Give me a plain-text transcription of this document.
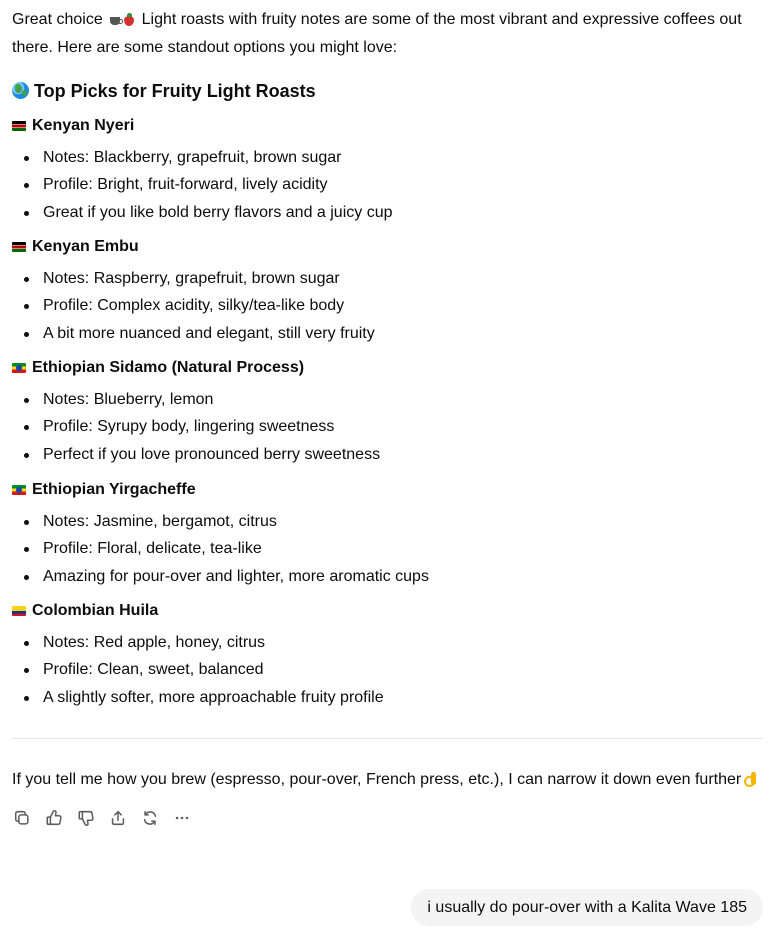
Great choice Light roasts with fruity notes are some of the most vibrant and expressive coffees out there. Here are some standout options you might love:

Top Picks for Fruity Light Roasts
Kenyan Nyeri
Notes: Blackberry, grapefruit, brown sugar
Profile: Bright, fruit-forward, lively acidity
Great if you like bold berry flavors and a juicy cup
Kenyan Embu
Notes: Raspberry, grapefruit, brown sugar
Profile: Complex acidity, silky/tea-like body
A bit more nuanced and elegant, still very fruity
Ethiopian Sidamo (Natural Process)
Notes: Blueberry, lemon
Profile: Syrupy body, lingering sweetness
Perfect if you love pronounced berry sweetness
Ethiopian Yirgacheffe
Notes: Jasmine, bergamot, citrus
Profile: Floral, delicate, tea-like
Amazing for pour-over and lighter, more aromatic cups
Colombian Huila
Notes: Red apple, honey, citrus
Profile: Clean, sweet, balanced
A slightly softer, more approachable fruity profile
If you tell me how you brew (espresso, pour-over, French press, etc.), I can narrow it down even further
i usually do pour-over with a Kalita Wave 185
